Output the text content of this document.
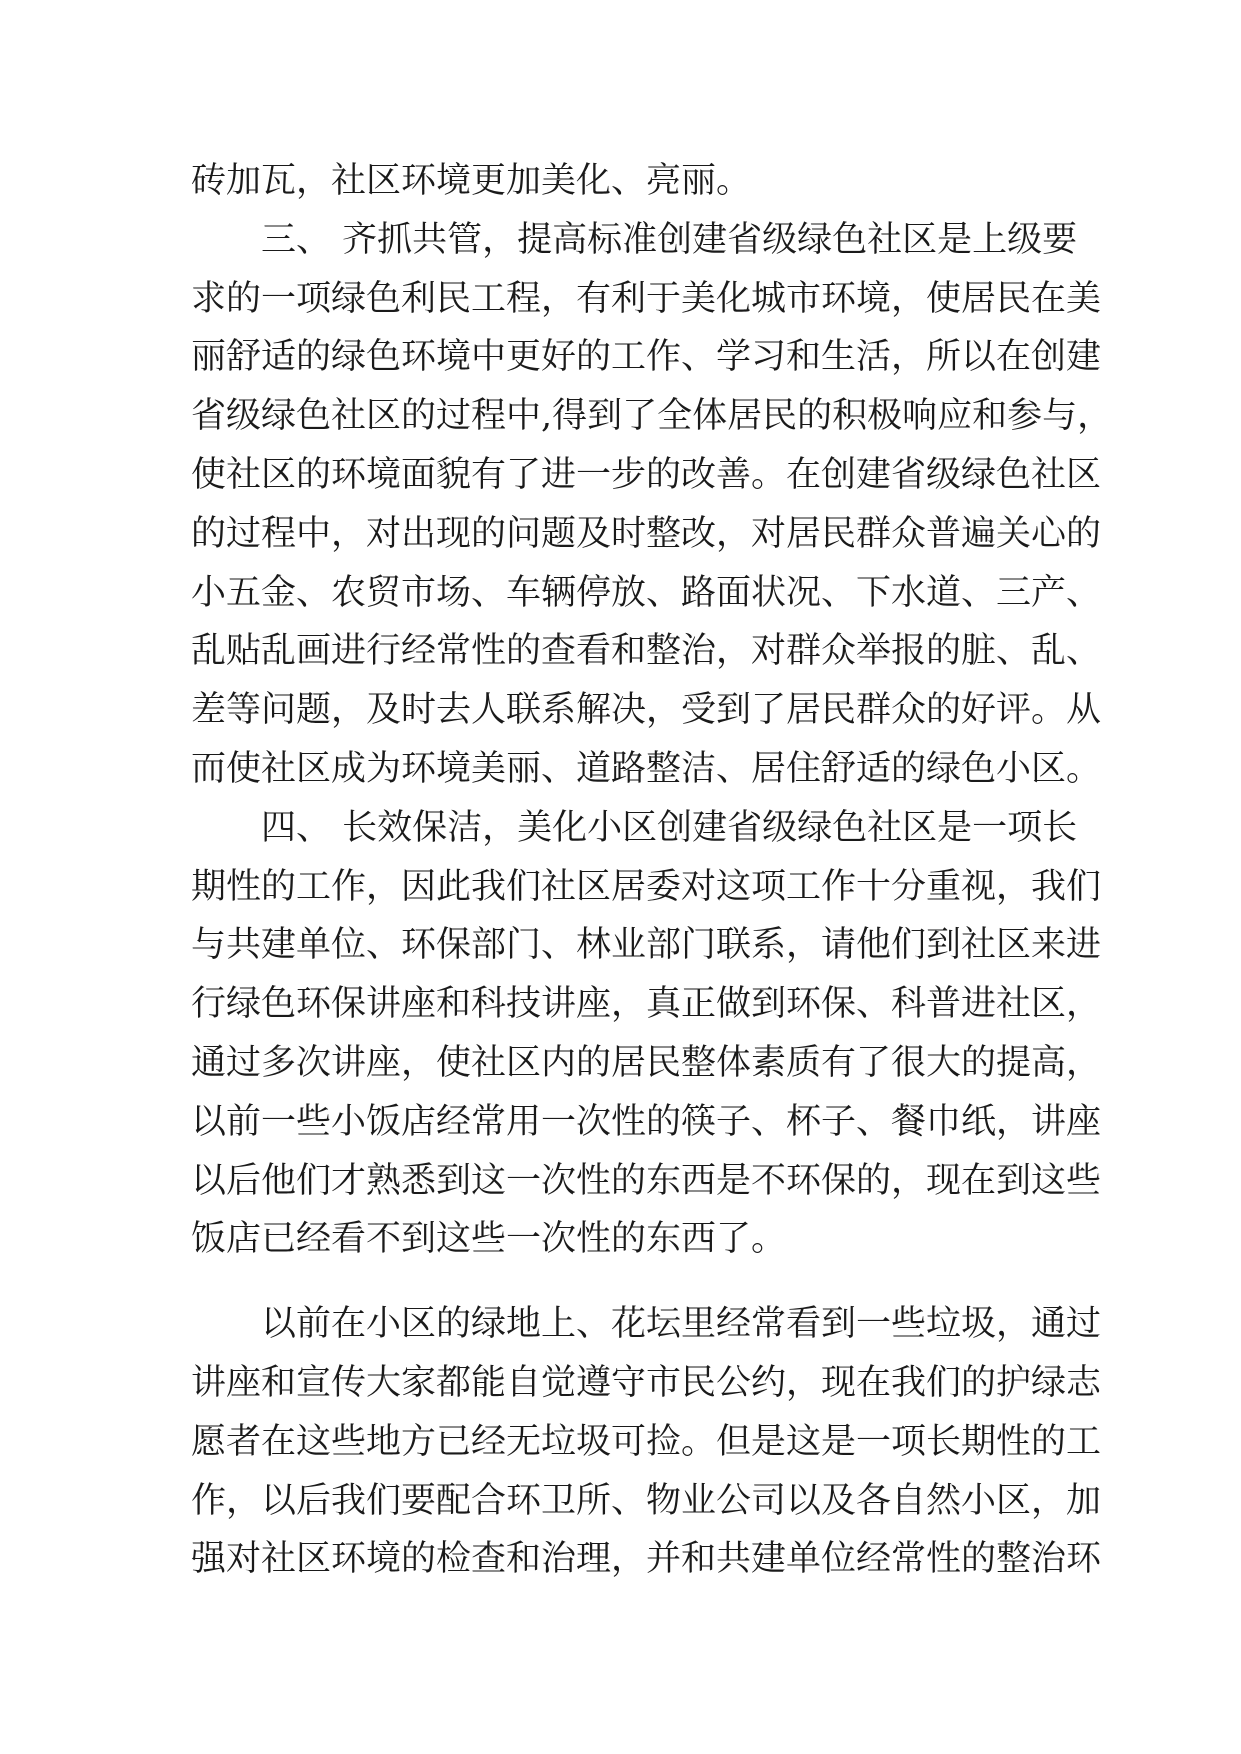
砖加瓦，社区环境更加美化、亮丽。
三、 齐抓共管，提高标准创建省级绿色社区是上级要
求的一项绿色利民工程，有利于美化城市环境，使居民在美
丽舒适的绿色环境中更好的工作、学习和生活，所以在创建
省级绿色社区的过程中,得到了全体居民的积极响应和参与，
使社区的环境面貌有了进一步的改善。在创建省级绿色社区
的过程中，对出现的问题及时整改，对居民群众普遍关心的
小五金、农贸市场、车辆停放、路面状况、下水道、三产、
乱贴乱画进行经常性的查看和整治，对群众举报的脏、乱、
差等问题，及时去人联系解决，受到了居民群众的好评。从
而使社区成为环境美丽、道路整洁、居住舒适的绿色小区。
四、 长效保洁，美化小区创建省级绿色社区是一项长
期性的工作，因此我们社区居委对这项工作十分重视，我们
与共建单位、环保部门、林业部门联系，请他们到社区来进
行绿色环保讲座和科技讲座，真正做到环保、科普进社区，
通过多次讲座，使社区内的居民整体素质有了很大的提高，
以前一些小饭店经常用一次性的筷子、杯子、餐巾纸，讲座
以后他们才熟悉到这一次性的东西是不环保的，现在到这些
饭店已经看不到这些一次性的东西了。
以前在小区的绿地上、花坛里经常看到一些垃圾，通过
讲座和宣传大家都能自觉遵守市民公约，现在我们的护绿志
愿者在这些地方已经无垃圾可捡。但是这是一项长期性的工
作，以后我们要配合环卫所、物业公司以及各自然小区，加
强对社区环境的检查和治理，并和共建单位经常性的整治环
